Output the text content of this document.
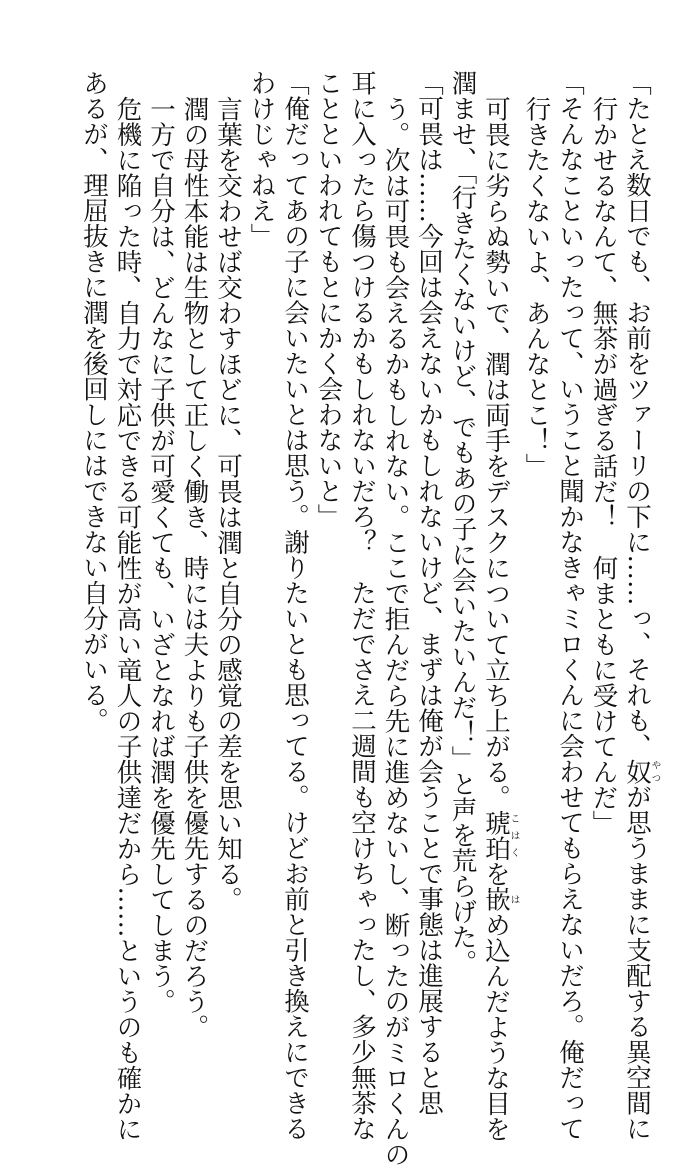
「たとえ数日でも、お前をツァーリの下に……っ、それも、奴やつが思うままに支配する異空間に

行かせるなんて、無茶が過ぎる話だ！　何まともに受けてんだ」

「そんなこといったって、いうこと聞かなきゃミロくんに会わせてもらえないだろ。俺だって

行きたくないよ、あんなとこ！」

可畏に劣らぬ勢いで、潤は両手をデスクについて立ち上がる。琥珀こはくを嵌はめ込んだような目を

潤ませ、「行きたくないけど、でもあの子に会いたいんだ！」と声を荒らげた。

「可畏は……今回は会えないかもしれないけど、まずは俺が会うことで事態は進展すると思

う。次は可畏も会えるかもしれない。ここで拒んだら先に進めないし、断ったのがミロくんの

耳に入ったら傷つけるかもしれないだろ？　ただでさえ二週間も空けちゃったし、多少無茶な

ことといわれてもとにかく会わないと」

「俺だってあの子に会いたいとは思う。謝りたいとも思ってる。けどお前と引き換えにできる

わけじゃねえ」

言葉を交わせば交わすほどに、可畏は潤と自分の感覚の差を思い知る。

潤の母性本能は生物として正しく働き、時には夫よりも子供を優先するのだろう。

一方で自分は、どんなに子供が可愛くても、いざとなれば潤を優先してしまう。

危機に陥った時、自力で対応できる可能性が高い竜人の子供達だから……というのも確かに

あるが、理屈抜きに潤を後回しにはできない自分がいる。
